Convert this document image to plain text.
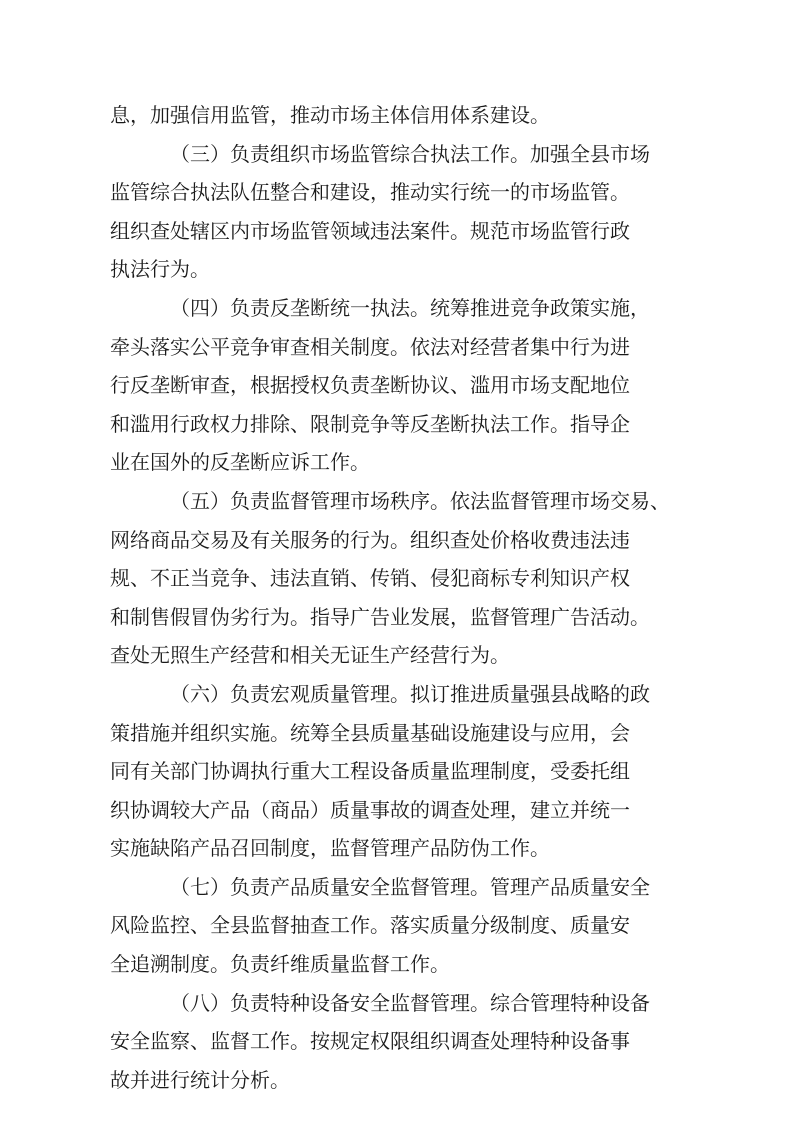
息，加强信用监管，推动市场主体信用体系建设。
（三）负责组织市场监管综合执法工作。加强全县市场
监管综合执法队伍整合和建设，推动实行统一的市场监管。
组织查处辖区内市场监管领域违法案件。规范市场监管行政
执法行为。
（四）负责反垄断统一执法。统筹推进竞争政策实施，
牵头落实公平竞争审查相关制度。依法对经营者集中行为进
行反垄断审查，根据授权负责垄断协议、滥用市场支配地位
和滥用行政权力排除、限制竞争等反垄断执法工作。指导企
业在国外的反垄断应诉工作。
（五）负责监督管理市场秩序。依法监督管理市场交易、
网络商品交易及有关服务的行为。组织查处价格收费违法违
规、不正当竞争、违法直销、传销、侵犯商标专利知识产权
和制售假冒伪劣行为。指导广告业发展，监督管理广告活动。
查处无照生产经营和相关无证生产经营行为。
（六）负责宏观质量管理。拟订推进质量强县战略的政
策措施并组织实施。统筹全县质量基础设施建设与应用，会
同有关部门协调执行重大工程设备质量监理制度，受委托组
织协调较大产品（商品）质量事故的调查处理，建立并统一
实施缺陷产品召回制度，监督管理产品防伪工作。
（七）负责产品质量安全监督管理。管理产品质量安全
风险监控、全县监督抽查工作。落实质量分级制度、质量安
全追溯制度。负责纤维质量监督工作。
（八）负责特种设备安全监督管理。综合管理特种设备
安全监察、监督工作。按规定权限组织调查处理特种设备事
故并进行统计分析。
